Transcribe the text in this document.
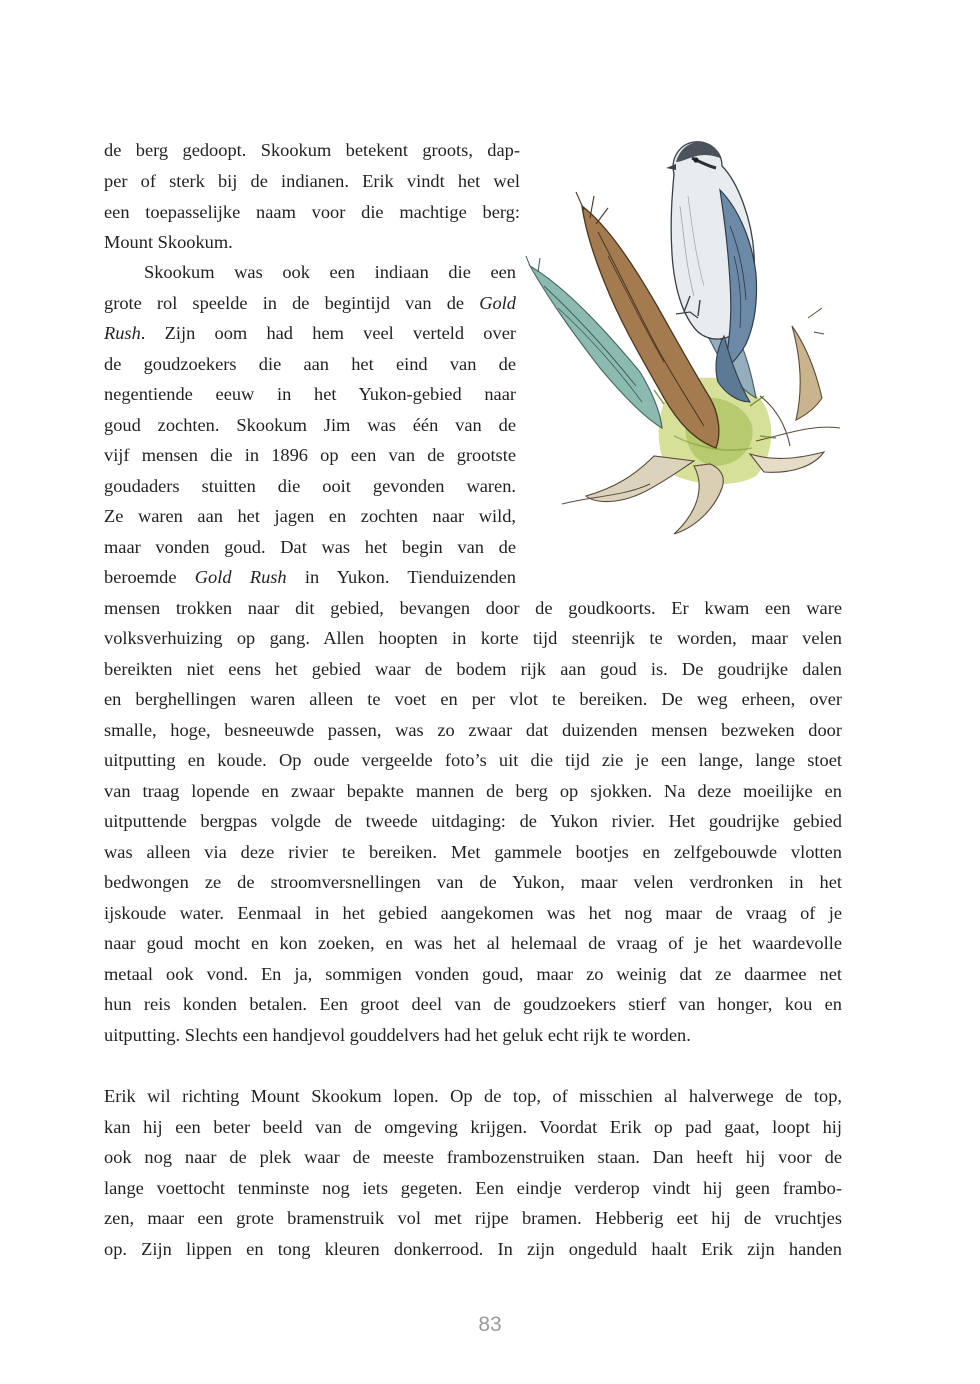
de berg gedoopt. Skookum betekent groots, dap-

per of sterk bij de indianen. Erik vindt het wel

een toepasselijke naam voor die machtige berg:

Mount Skookum.

Skookum was ook een indiaan die een

grote rol speelde in de begintijd van de Gold

Rush. Zijn oom had hem veel verteld over

de goudzoekers die aan het eind van de

negentiende eeuw in het Yukon-gebied naar

goud zochten. Skookum Jim was één van de

vijf mensen die in 1896 op een van de grootste

goudaders stuitten die ooit gevonden waren.

Ze waren aan het jagen en zochten naar wild,

maar vonden goud. Dat was het begin van de

beroemde Gold Rush in Yukon. Tienduizenden

mensen trokken naar dit gebied, bevangen door de goudkoorts. Er kwam een ware

volksverhuizing op gang. Allen hoopten in korte tijd steenrijk te worden, maar velen

bereikten niet eens het gebied waar de bodem rijk aan goud is. De goudrijke dalen

en berghellingen waren alleen te voet en per vlot te bereiken. De weg erheen, over

smalle, hoge, besneeuwde passen, was zo zwaar dat duizenden mensen bezweken door

uitputting en koude. Op oude vergeelde foto’s uit die tijd zie je een lange, lange stoet

van traag lopende en zwaar bepakte mannen de berg op sjokken. Na deze moeilijke en

uitputtende bergpas volgde de tweede uitdaging: de Yukon rivier. Het goudrijke gebied

was alleen via deze rivier te bereiken. Met gammele bootjes en zelfgebouwde vlotten

bedwongen ze de stroomversnellingen van de Yukon, maar velen verdronken in het

ijskoude water. Eenmaal in het gebied aangekomen was het nog maar de vraag of je

naar goud mocht en kon zoeken, en was het al helemaal de vraag of je het waardevolle

metaal ook vond. En ja, sommigen vonden goud, maar zo weinig dat ze daarmee net

hun reis konden betalen. Een groot deel van de goudzoekers stierf van honger, kou en

uitputting. Slechts een handjevol gouddelvers had het geluk echt rijk te worden.

Erik wil richting Mount Skookum lopen. Op de top, of misschien al halverwege de top,

kan hij een beter beeld van de omgeving krijgen. Voordat Erik op pad gaat, loopt hij

ook nog naar de plek waar de meeste frambozenstruiken staan. Dan heeft hij voor de

lange voettocht tenminste nog iets gegeten. Een eindje verderop vindt hij geen frambo-

zen, maar een grote bramenstruik vol met rijpe bramen. Hebberig eet hij de vruchtjes

op. Zijn lippen en tong kleuren donkerrood. In zijn ongeduld haalt Erik zijn handen

83
